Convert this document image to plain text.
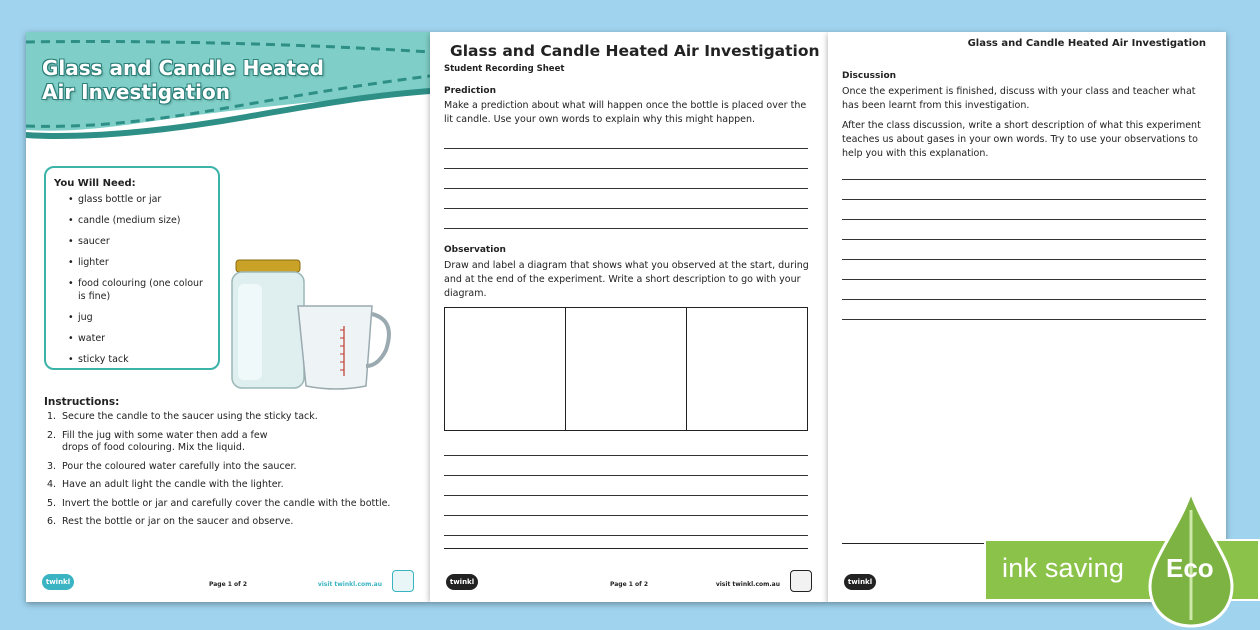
Glass and Candle Heated Air Investigation
You Will Need:
• glass bottle or jar
• candle (medium size)
• saucer
• lighter
• food colouring (one colour is fine)
• jug
• water
• sticky tack
Instructions:
1. Secure the candle to the saucer using the sticky tack.
2. Fill the jug with some water then add a few drops of food colouring. Mix the liquid.
3. Pour the coloured water carefully into the saucer.
4. Have an adult light the candle with the lighter.
5. Invert the bottle or jar and carefully cover the candle with the bottle.
6. Rest the bottle or jar on the saucer and observe.
twinkl	Page 1 of 2	visit twinkl.com.au
Glass and Candle Heated Air Investigation
Student Recording Sheet
Prediction
Make a prediction about what will happen once the bottle is placed over the lit candle. Use your own words to explain why this might happen.
Observation
Draw and label a diagram that shows what you observed at the start, during and at the end of the experiment. Write a short description to go with your diagram.
twinkl	Page 1 of 2	visit twinkl.com.au
Glass and Candle Heated Air Investigation
Discussion
Once the experiment is finished, discuss with your class and teacher what has been learnt from this investigation.
After the class discussion, write a short description of what this experiment teaches us about gases in your own words. Try to use your observations to help you with this explanation.
twinkl	ink saving Eco
